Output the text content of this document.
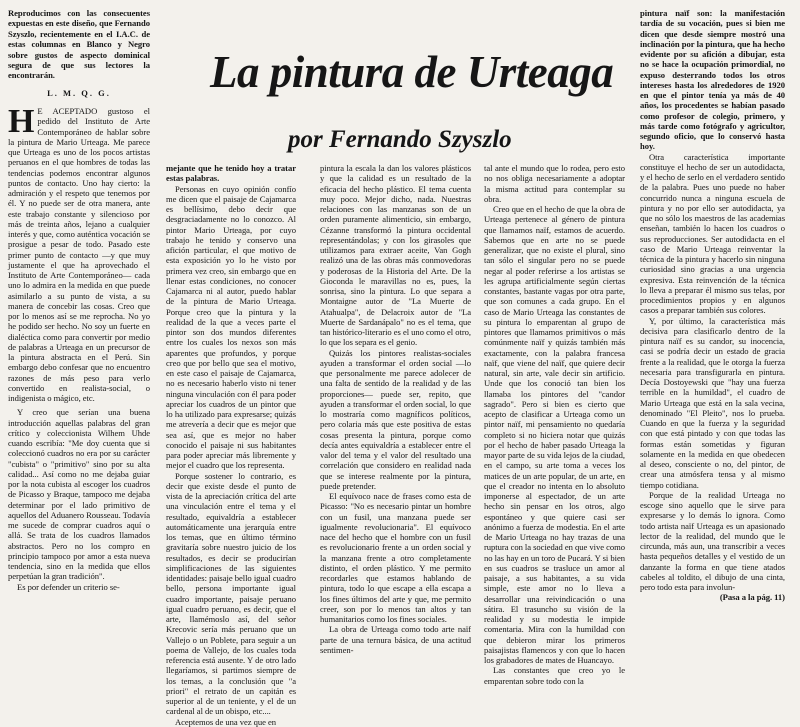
Reproducimos con las consecuentes expuestas en este diseño, que Fernando Szyszlo, recientemente en el I.A.C. de estas columnas en Blanco y Negro sobre gustos de aspecto dominical segura de que sus lectores la encontrarán.

L. M. Q. G.
H E ACEPTADO gustoso el pedido del Instituto de Arte Contemporáneo de hablar sobre la pintura de Mario Urteaga. Me parece que Urteaga es uno de los pocos artistas peruanos en el que hombres de todas las tendencias podemos encontrar algunos puntos de contacto. Uno hay cierto: la admiración y el respeto que tenemos por él. Y no puede ser de otra manera, ante este trabajo constante y silencioso por más de treinta años, lejano a cualquier interés y que, como auténtica vocación se prosigue a pesar de todo. Pasado este primer punto de contacto —y que muy justamente el que ha aprovechado el Instituto de Arte Contemporáneo— cada uno lo admira en la medida en que puede asimilarlo a su punto de vista, a su manera de concebir las cosas. Creo que por lo menos así se me reprocha. No yo he podido ser hecho. No soy un fuerte en dialéctica como para convertir por medio de palabras a Urteaga en un precursor de la pintura abstracta en el Perú. Sin embargo debo confesar que no encuentro razones de más peso para verlo convertido en realista-social, o indigenista o mágico, etc.

Y creo que serían una buena introducción aquellas palabras del gran crítico y coleccionista Wilhem Uhde cuando escribía: "Me doy cuenta que si coleccionó cuadros no era por su carácter "cubista" o "primitivo" sino por su alta calidad... Así como no me dejaba guiar por la nota cubista al escoger los cuadros de Picasso y Braque, tampoco me dejaba determinar por el lado primitivo de aquellos del Aduanero Rousseau. Todavía me sucede de comprar cuadros aquí o allá. Se trata de los cuadros llamados abstractos. Pero no los compro en principio tampoco por amor a esta nueva tendencia, sino en la medida que ellos perpetúan la gran tradición".

Es por defender un criterio se-

La pintura de Urteaga
por Fernando Szyszlo

mejante que he tenido hoy a tratar estas palabras.

Personas en cuyo opinión confío me dicen que el paisaje de Cajamarca es bellísimo, debo decir que desgraciadamente no lo conozco. Al pintor Mario Urteaga, por cuyo trabajo he tenido y conservo una afición particular, el que motivo de esta exposición yo lo he visto por primera vez creo, sin embargo que en llenar estas condiciones, no conocer Cajamarca ni al autor, puedo hablar de la pintura de Mario Urteaga. Porque creo que la pintura y la realidad de la que a veces parte el pintor son dos mundos diferentes entre los cuales los nexos son más aparentes que profundos, y porque creo que por bello que sea el motivo, en este caso el paisaje de Cajamarca, no es necesario haberlo visto ni tener ninguna vinculación con él para poder apreciar los cuadros de un pintor que lo ha utilizado para expresarse; quizás me atrevería a decir que es mejor que sea así, que es mejor no haber conocido el paisaje ni sus habitantes para poder apreciar más libremente y mejor el cuadro que los representa.

Porque sostener lo contrario, es decir que existe desde el punto de vista de la apreciación crítica del arte una vinculación entre el tema y el resultado, equivaldría a establecer automáticamente una jerarquía entre los temas, que en último término gravitaría sobre nuestro juicio de los resultados, es decir se producirían simplificaciones de las siguientes identidades: paisaje bello igual cuadro bello, persona importante igual cuadro importante, paisaje peruano igual cuadro peruano, es decir, que el arte, llamémoslo así, del señor Krecovic sería más peruano que un Vallejo o un Poblete, para seguir a un poema de Vallejo, de los cuales toda referencia está ausente. Y de otro lado llegaríamos, si partimos siempre de los temas, a la conclusión que "a priori" el retrato de un capitán es superior al de un teniente, y el de un cardenal al de un obispo, etc....

Aceptemos de una vez que en

pintura la escala la dan los valores plásticos y que la calidad es un resultado de la eficacia del hecho plástico. El tema cuenta muy poco. Mejor dicho, nada. Nuestras relaciones con las manzanas son de un orden puramente alimenticio, sin embargo, Cézanne transformó la pintura occidental representándolas; y con los girasoles que utilizamos para extraer aceite, Van Gogh realizó una de las obras más conmovedoras y poderosas de la Historia del Arte. De la Gioconda le maravillas no es, pues, la sonrisa, sino la pintura. Lo que separa a Montaigne autor de "La Muerte de Atahualpa", de Delacroix autor de "La Muerte de Sardanápalo" no es el tema, que tan histórico-literario es el uno como el otro, lo que los separa es el genio.

Quizás los pintores realistas-sociales ayuden a transformar el orden social —lo que personalmente me parece adolecer de una falta de sentido de la realidad y de las proporciones— puede ser, repito, que ayuden a transformar el orden social, lo que lo mostraría como magníficos políticos, pero colaria más que este positiva de estas cosas presenta la pintura, porque como decía antes equivaldría a establecer entre el valor del tema y el valor del resultado una correlación que considero en realidad nada que se interese realmente por la pintura, puede pretender.

El equívoco nace de frases como esta de Picasso: "No es necesario pintar un hombre con un fusil, una manzana puede ser igualmente revolucionaria". El equívoco nace del hecho que el hombre con un fusil es revolucionario frente a un orden social y la manzana frente a otro completamente distinto, el orden plástico. Y me permito recordarles que estamos hablando de pintura, todo lo que escape a ella escapa a los fines últimos del arte y que, me permito creer, son por lo menos tan altos y tan humanitarios como los fines sociales.

La obra de Urteaga como todo arte naïf parte de una ternura básica, de una actitud sentimen-

tal ante el mundo que lo rodea, pero esto no nos obliga necesariamente a adoptar la misma actitud para contemplar su obra.

Creo que en el hecho de que la obra de Urteaga pertenece al género de pintura que llamamos naïf, estamos de acuerdo. Sabemos que en arte no se puede generalizar, que no existe el plural, sino tan sólo el singular pero no se puede negar al poder referirse a los artistas se les agrupa artificialmente según ciertas constantes, bastante vagas por otra parte, que son comunes a cada grupo. En el caso de Mario Urteaga las constantes de su pintura lo emparentan al grupo de pintores que llamamos primitivos o más comúnmente naïf y quizás también más exactamente, con la palabra francesa naïf, que viene del naïf, que quiere decir natural, sin arte, vale decir sin artificio. Unde que los conoció tan bien los llamaba los pintores del "candor sagrado". Pero si bien es cierto que acepto de clasificar a Urteaga como un pintor naïf, mi pensamiento no quedaría completo si no hiciera notar que quizás por el hecho de haber pasado Urteaga la mayor parte de su vida lejos de la ciudad, en el campo, su arte toma a veces los matices de un arte popular, de un arte, en que el creador no intenta en lo absoluto imponerse al espectador, de un arte hecho sin pensar en los otros, algo espontáneo y que quiere casi ser anónimo a fuerza de modestia. En el arte de Mario Urteaga no hay trazas de una ruptura con la sociedad en que vive como no las hay en un toro de Pucará. Y si bien en sus cuadros se trasluce un amor al paisaje, a sus habitantes, a su vida simple, este amor no lo lleva a desarrollar una reivindicación o una sátira. El trasuncho su visión de la realidad y su modestia le impide comentaria. Mira con la humildad con que debieron mirar los primeros paisajistas flamencos y con que lo hacen los grabadores de mates de Huancayo.

Las constantes que creo yo le emparentan sobre todo con la

pintura naïf son: la manifestación tardía de su vocación, pues si bien me dicen que desde siempre mostró una inclinación por la pintura, que ha hecho evidente por su afición a dibujar, esta no se hace la ocupación primordial, no expuso desterrando todos los otros intereses hasta los alrededores de 1920 en que el pintor tenía ya más de 40 años, los procedentes se habían pasado como profesor de colegio, primero, y más tarde como fotógrafo y agricultor, segundo oficio, que lo conservó hasta hoy.

Otra característica importante constituye el hecho de ser un autodidacta, y el hecho de serlo en el verdadero sentido de la palabra. Pues uno puede no haber concurrido nunca a ninguna escuela de pintura y no por ello ser autodidacta, ya que no sólo los maestros de las academias enseñan, también lo hacen los cuadros o sus reproducciones. Ser autodidacta en el caso de Mario Urteaga reinventar la técnica de la pintura y hacerlo sin ninguna curiosidad sino gracias a una urgencia expresiva. Esta reinvención de la técnica lo lleva a preparar él mismo sus telas, por procedimientos propios y en algunos casos a preparar también sus colores.

Y, por último, la característica más decisiva para clasificarlo dentro de la pintura naïf es su candor, su inocencia, casi se podría decir un estado de gracia frente a la realidad, que le otorga la fuerza necesaria para transfigurarla en pintura. Decía Dostoyewski que "hay una fuerza terrible en la humildad", el cuadro de Mario Urteaga que está en la sala vecina, denominado "El Pleito", nos lo prueba. Cuando en que la fuerza y la seguridad con que está pintado y con que todas las formas están sometidas y figuran solamente en la medida en que obedecen al deseo, consciente o no, del pintor, de crear una atmósfera tensa y al mismo tiempo cotidiana.

Porque de la realidad Urteaga no escoge sino aquello que le sirve para expresarse y lo demás lo ignora. Como todo artista naïf Urteaga es un apasionado lector de la realidad, del mundo que le circunda, más aun, una transcribir a veces hasta pequeños detalles y el vestido de un danzante la forma en que tiene atados cabeles al toldito, el dibujo de una cinta, pero todo esta para involun-

(Pasa a la pág. 11)
